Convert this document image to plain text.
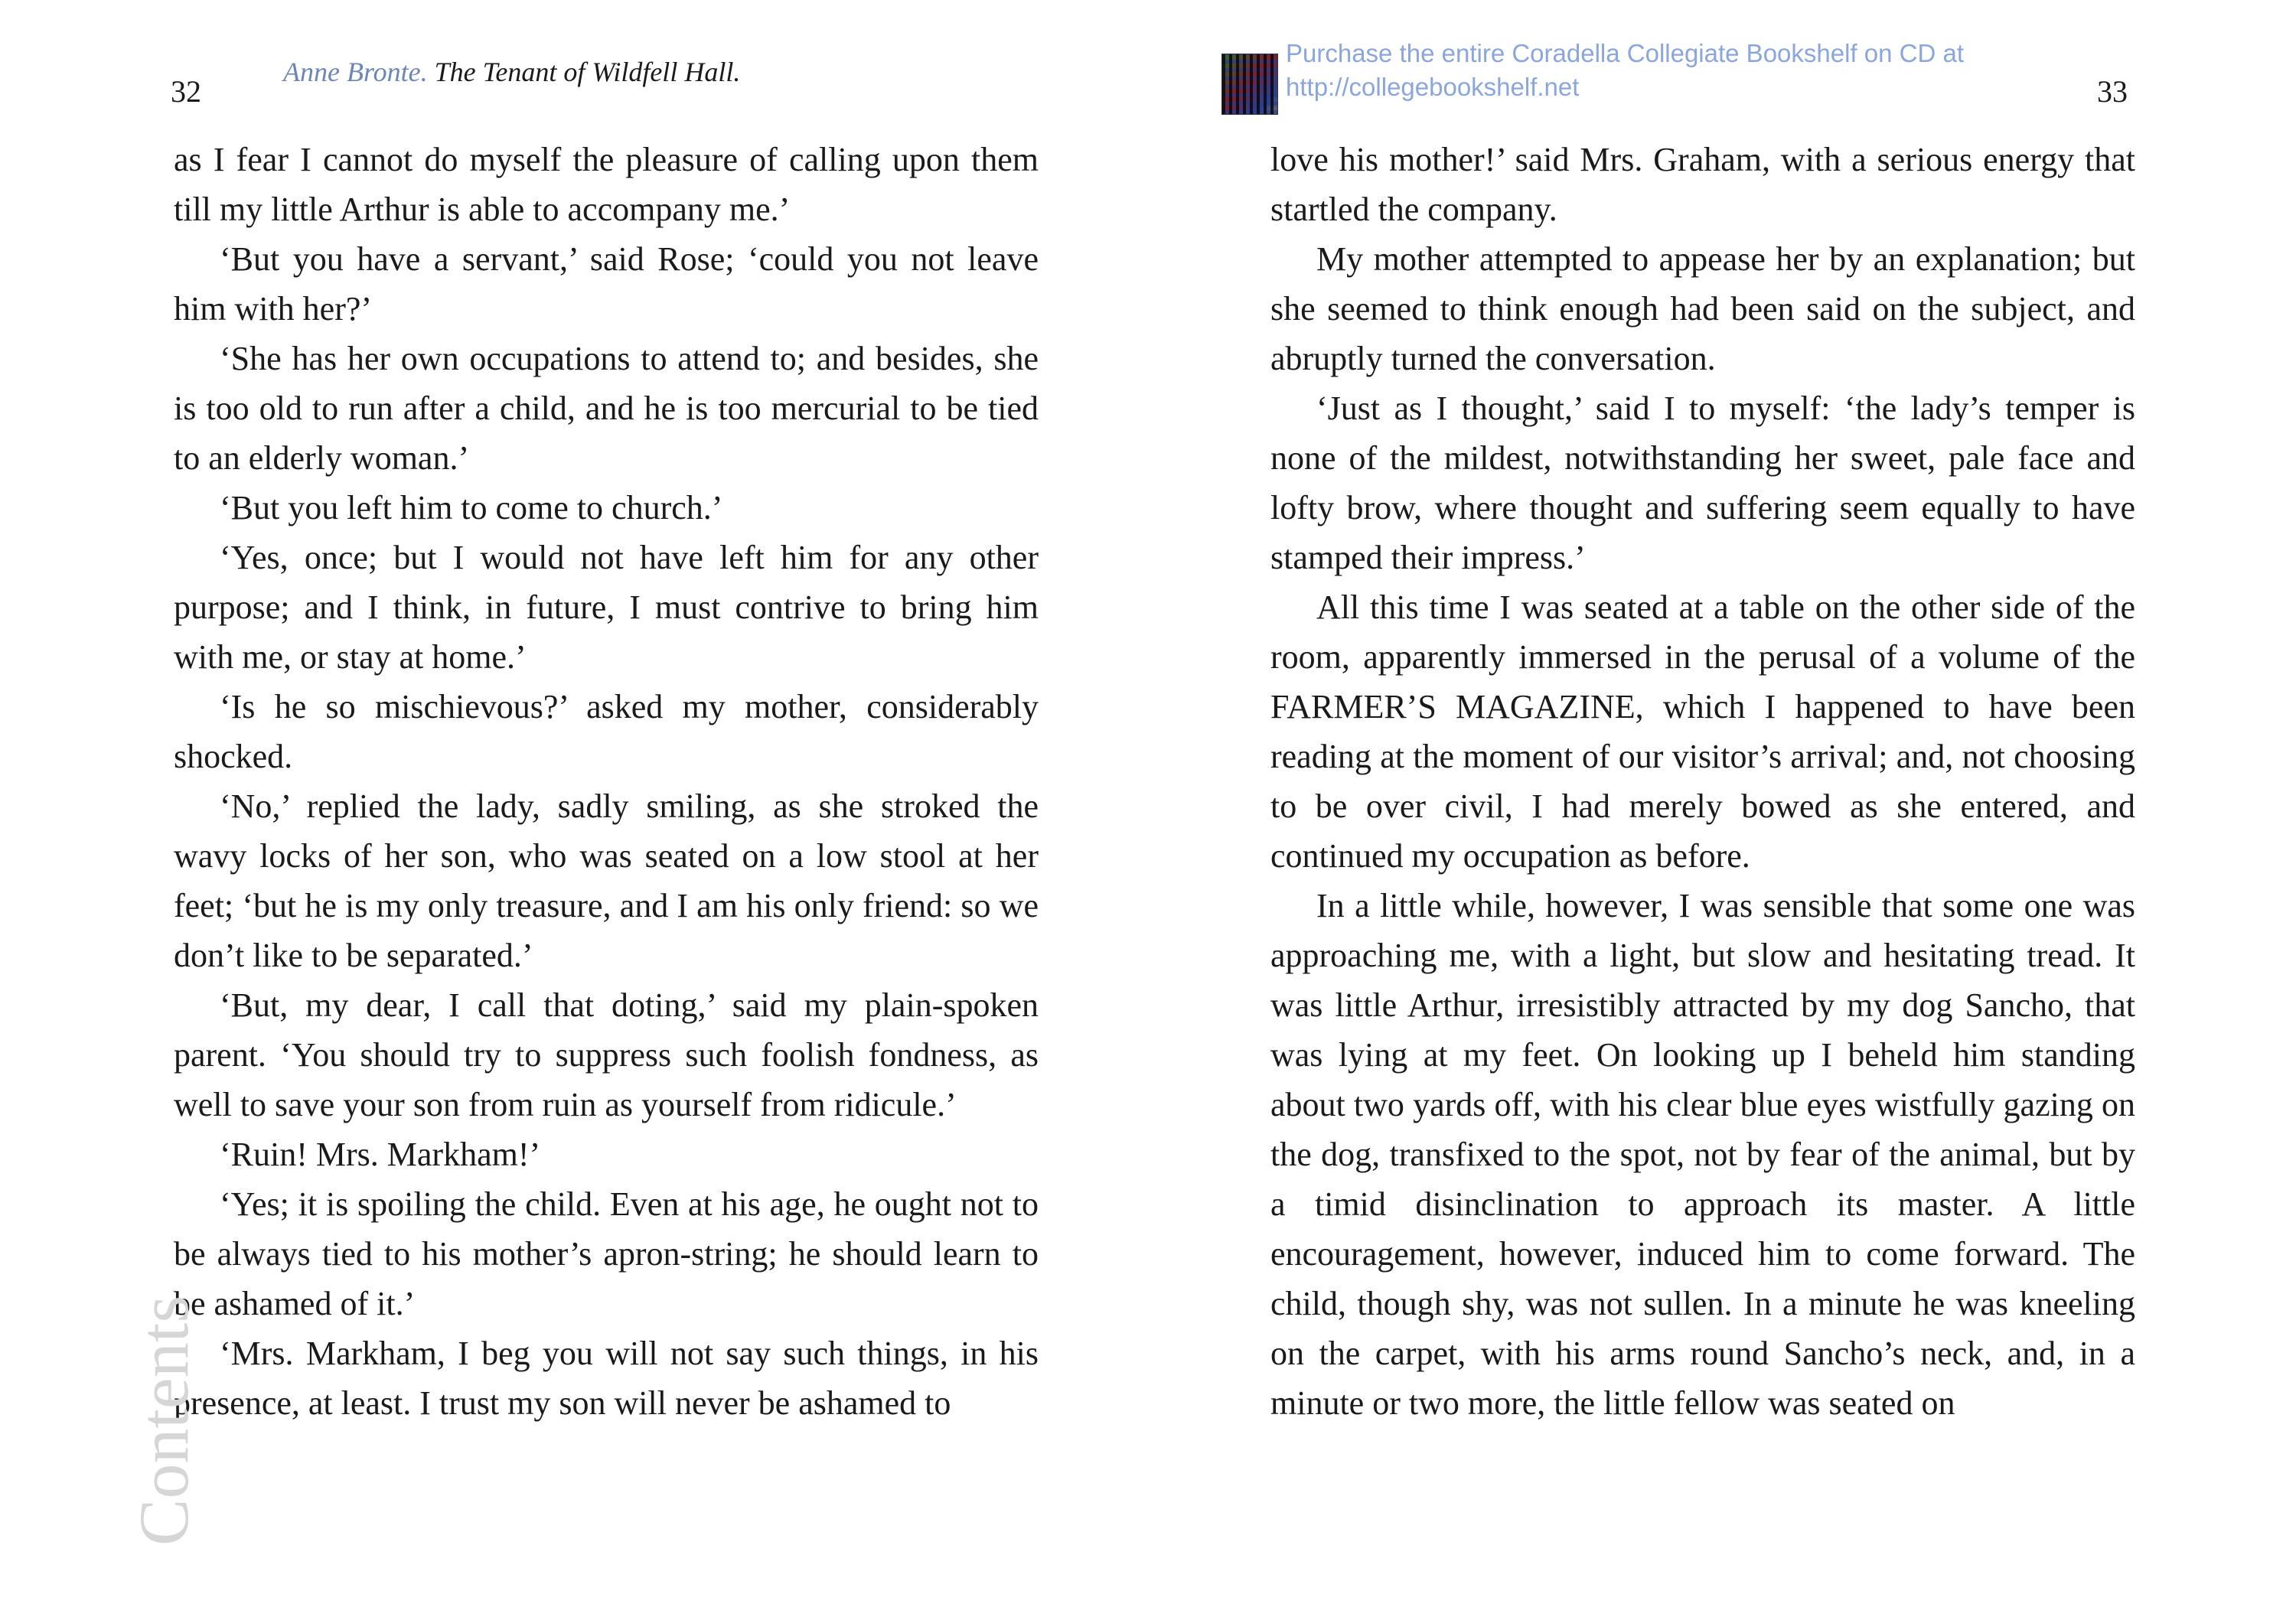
32
Anne Bronte. The Tenant of Wildfell Hall.

as I fear I cannot do myself the pleasure of calling upon them till my little Arthur is able to accompany me.’

‘But you have a servant,’ said Rose; ‘could you not leave him with her?’

‘She has her own occupations to attend to; and besides, she is too old to run after a child, and he is too mercurial to be tied to an elderly woman.’

‘But you left him to come to church.’

‘Yes, once; but I would not have left him for any other purpose; and I think, in future, I must contrive to bring him with me, or stay at home.’

‘Is he so mischievous?’ asked my mother, considerably shocked.

‘No,’ replied the lady, sadly smiling, as she stroked the wavy locks of her son, who was seated on a low stool at her feet; ‘but he is my only treasure, and I am his only friend: so we don’t like to be separated.’

‘But, my dear, I call that doting,’ said my plain-spoken parent. ‘You should try to suppress such foolish fondness, as well to save your son from ruin as yourself from ridicule.’

‘Ruin! Mrs. Markham!’

‘Yes; it is spoiling the child. Even at his age, he ought not to be always tied to his mother’s apron-string; he should learn to be ashamed of it.’

‘Mrs. Markham, I beg you will not say such things, in his presence, at least. I trust my son will never be ashamed to

Contents
Purchase the entire Coradella Collegiate Bookshelf on CD at
http://collegebookshelf.net	33

love his mother!’ said Mrs. Graham, with a serious energy that startled the company.

My mother attempted to appease her by an explanation; but she seemed to think enough had been said on the subject, and abruptly turned the conversation.

‘Just as I thought,’ said I to myself: ‘the lady’s temper is none of the mildest, notwithstanding her sweet, pale face and lofty brow, where thought and suffering seem equally to have stamped their impress.’

All this time I was seated at a table on the other side of the room, apparently immersed in the perusal of a volume of the FARMER’S MAGAZINE, which I happened to have been reading at the moment of our visitor’s arrival; and, not choosing to be over civil, I had merely bowed as she entered, and continued my occupation as before.

In a little while, however, I was sensible that some one was approaching me, with a light, but slow and hesitating tread. It was little Arthur, irresistibly attracted by my dog Sancho, that was lying at my feet. On looking up I beheld him standing about two yards off, with his clear blue eyes wistfully gazing on the dog, transfixed to the spot, not by fear of the animal, but by a timid disinclination to approach its master. A little encouragement, however, induced him to come forward. The child, though shy, was not sullen. In a minute he was kneeling on the carpet, with his arms round Sancho’s neck, and, in a minute or two more, the little fellow was seated on
